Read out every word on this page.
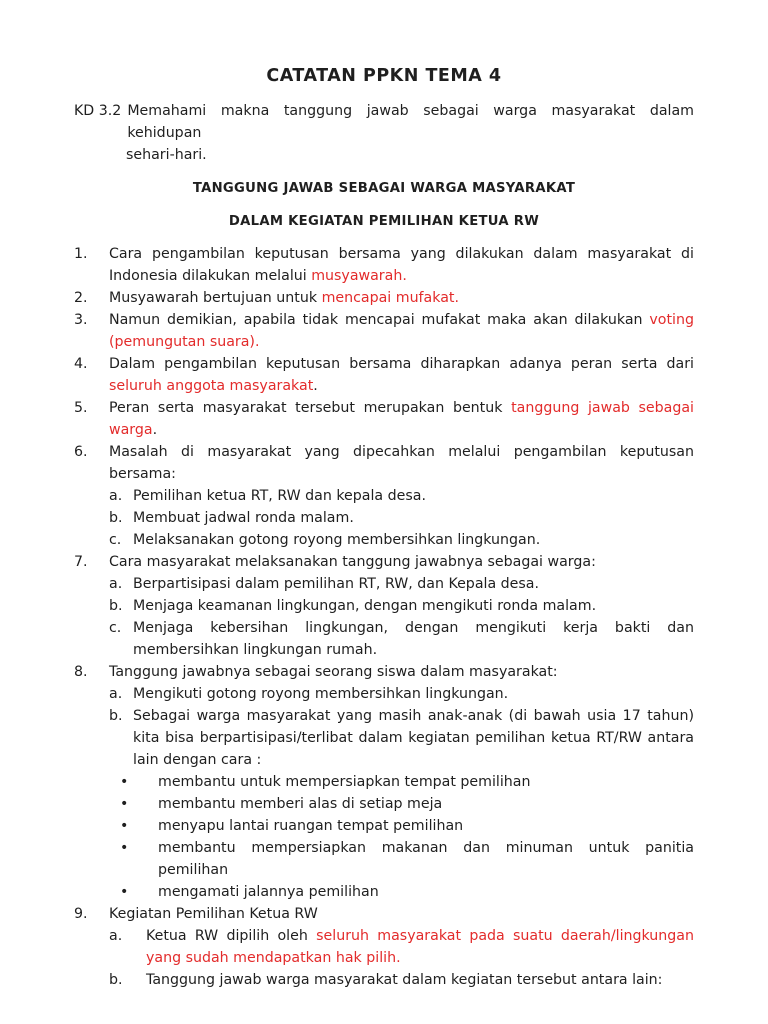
CATATAN PPKN TEMA 4
KD 3.2 Memahami makna tanggung jawab sebagai warga masyarakat dalam kehidupan
sehari-hari.
TANGGUNG JAWAB SEBAGAI WARGA MASYARAKAT
DALAM KEGIATAN PEMILIHAN KETUA RW
1.	Cara pengambilan keputusan bersama yang dilakukan dalam masyarakat di Indonesia dilakukan melalui musyawarah.
2.	Musyawarah bertujuan untuk mencapai mufakat.
3.	Namun demikian, apabila tidak mencapai mufakat maka akan dilakukan voting (pemungutan suara).
4.	Dalam pengambilan keputusan bersama diharapkan adanya peran serta dari seluruh anggota masyarakat.
5.	Peran serta masyarakat tersebut merupakan bentuk tanggung jawab sebagai warga.
6.	Masalah di masyarakat yang dipecahkan melalui pengambilan keputusan bersama:
a. Pemilihan ketua RT, RW dan kepala desa.
b. Membuat jadwal ronda malam.
c. Melaksanakan gotong royong membersihkan lingkungan.
7.	Cara masyarakat melaksanakan tanggung jawabnya sebagai warga:
a. Berpartisipasi dalam pemilihan RT, RW, dan Kepala desa.
b. Menjaga keamanan lingkungan, dengan mengikuti ronda malam.
c. Menjaga kebersihan lingkungan, dengan mengikuti kerja bakti dan membersihkan lingkungan rumah.
8.	Tanggung jawabnya sebagai seorang siswa dalam masyarakat:
a. Mengikuti gotong royong membersihkan lingkungan.
b. Sebagai warga masyarakat yang masih anak-anak (di bawah usia 17 tahun) kita bisa berpartisipasi/terlibat dalam kegiatan pemilihan ketua RT/RW antara lain dengan cara :
•	membantu untuk mempersiapkan tempat pemilihan
•	membantu memberi alas di setiap meja
•	menyapu lantai ruangan tempat pemilihan
•	membantu mempersiapkan makanan dan minuman untuk panitia pemilihan
•	mengamati jalannya pemilihan
9.	Kegiatan Pemilihan Ketua RW
a.	Ketua RW dipilih oleh seluruh masyarakat pada suatu daerah/lingkungan yang sudah mendapatkan hak pilih.
b.	Tanggung jawab warga masyarakat dalam kegiatan tersebut antara lain:
